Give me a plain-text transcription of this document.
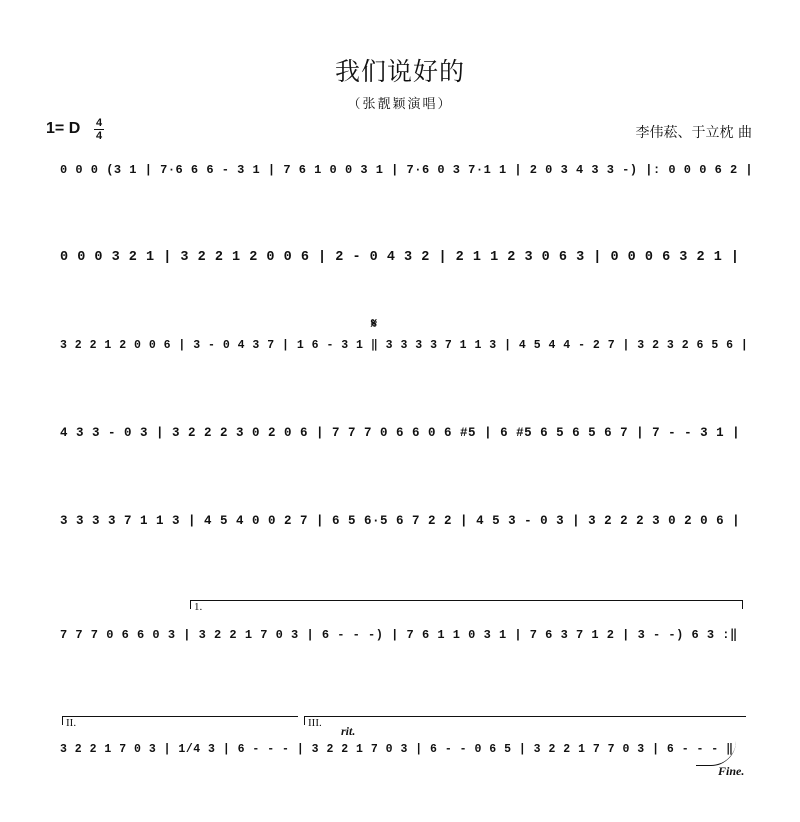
我们说好的
（张靓颖演唱）
1= D 4
4	李伟菘、于立枕 曲
0 0 0 (3 1 | 7·6 6 6 - 3 1 | 7 6 1 0 0 3 1 | 7·6 0 3 7·1 1 | 2 0 3 4 3 3 -) |: 0 0 0 6 2 |
0 0 0 3 2 1 | 3 2 2 1 2 0 0 6 | 2 - 0 4 3 2 | 2 1 1 2 3 0 6 3 | 0 0 0 6 3 2 1 |
𝄋
3 2 2 1 2 0 0 6 | 3 - 0 4 3 7 | 1 6 - 3 1 ‖ 3 3 3 3 7 1 1 3 | 4 5 4 4 - 2 7 | 3 2 3 2 6 5 6 |
4 3 3 - 0 3 | 3 2 2 2 3 0 2 0 6 | 7 7 7 0 6 6 0 6 #5 | 6 #5 6 5 6 5 6 7 | 7 - - 3 1 |
3 3 3 3 7 1 1 3 | 4 5 4 0 0 2 7 | 6 5 6·5 6 7 2 2 | 4 5 3 - 0 3 | 3 2 2 2 3 0 2 0 6 |
1.
7 7 7 0 6 6 0 3 | 3 2 2 1 7 0 3 | 6 - - -) | 7 6 1 1 0 3 1 | 7 6 3 7 1 2 | 3 - -) 6 3 :‖
II.	III.
rit.
3 2 2 1 7 0 3 | 1/4 3 | 6 - - - | 3 2 2 1 7 0 3 | 6 - - 0 6 5 | 3 2 2 1 7 7 0 3 | 6 - - - ‖
Fine.
